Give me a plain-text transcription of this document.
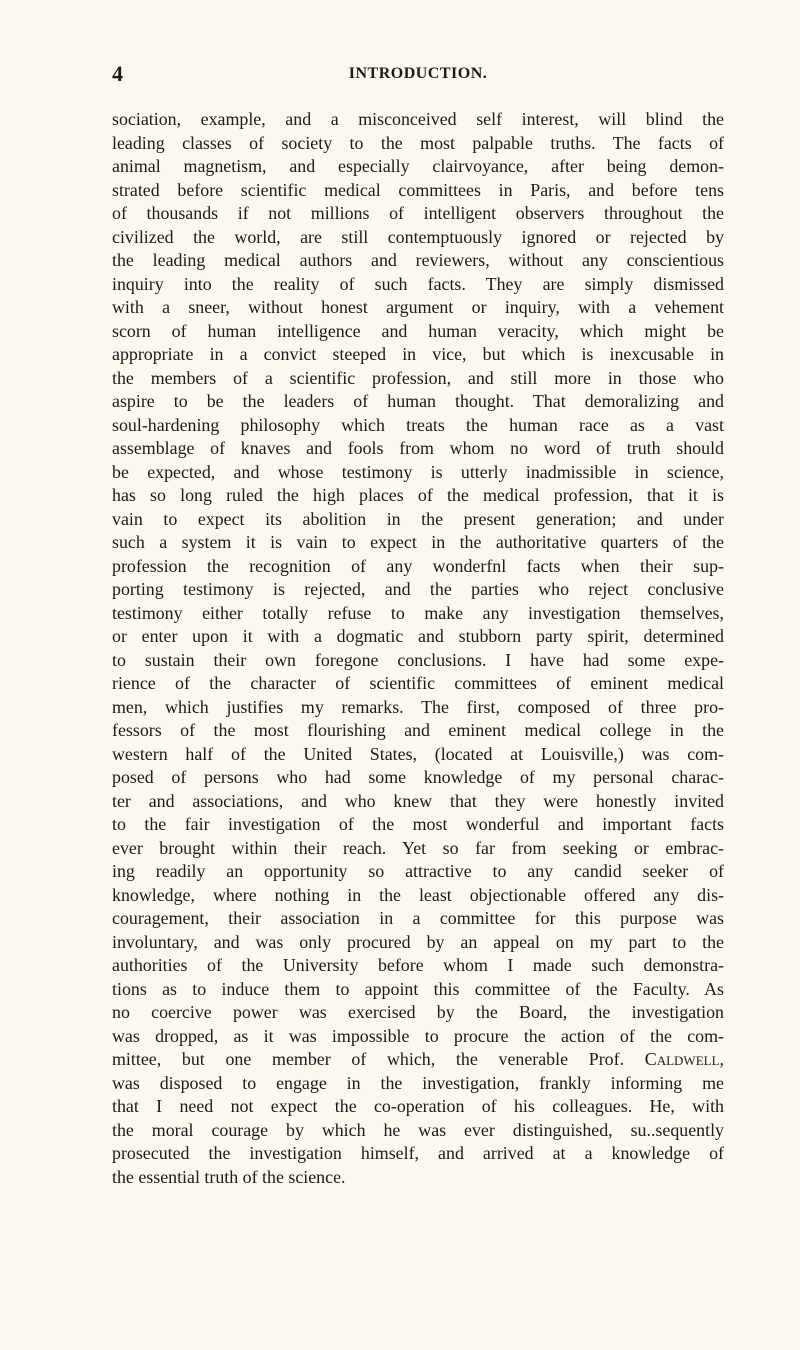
4	INTRODUCTION.
sociation, example, and a misconceived self interest, will blind the
leading classes of society to the most palpable truths. The facts of
animal magnetism, and especially clairvoyance, after being demon-
strated before scientific medical committees in Paris, and before tens
of thousands if not millions of intelligent observers throughout the
civilized the world, are still contemptuously ignored or rejected by
the leading medical authors and reviewers, without any conscientious
inquiry into the reality of such facts. They are simply dismissed
with a sneer, without honest argument or inquiry, with a vehement
scorn of human intelligence and human veracity, which might be
appropriate in a convict steeped in vice, but which is inexcusable in
the members of a scientific profession, and still more in those who
aspire to be the leaders of human thought. That demoralizing and
soul-hardening philosophy which treats the human race as a vast
assemblage of knaves and fools from whom no word of truth should
be expected, and whose testimony is utterly inadmissible in science,
has so long ruled the high places of the medical profession, that it is
vain to expect its abolition in the present generation; and under
such a system it is vain to expect in the authoritative quarters of the
profession the recognition of any wonderfnl facts when their sup-
porting testimony is rejected, and the parties who reject conclusive
testimony either totally refuse to make any investigation themselves,
or enter upon it with a dogmatic and stubborn party spirit, determined
to sustain their own foregone conclusions. I have had some expe-
rience of the character of scientific committees of eminent medical
men, which justifies my remarks. The first, composed of three pro-
fessors of the most flourishing and eminent medical college in the
western half of the United States, (located at Louisville,) was com-
posed of persons who had some knowledge of my personal charac-
ter and associations, and who knew that they were honestly invited
to the fair investigation of the most wonderful and important facts
ever brought within their reach. Yet so far from seeking or embrac-
ing readily an opportunity so attractive to any candid seeker of
knowledge, where nothing in the least objectionable offered any dis-
couragement, their association in a committee for this purpose was
involuntary, and was only procured by an appeal on my part to the
authorities of the University before whom I made such demonstra-
tions as to induce them to appoint this committee of the Faculty. As
no coercive power was exercised by the Board, the investigation
was dropped, as it was impossible to procure the action of the com-
mittee, but one member of which, the venerable Prof. Caldwell,
was disposed to engage in the investigation, frankly informing me
that I need not expect the co-operation of his colleagues. He, with
the moral courage by which he was ever distinguished, su..sequently
prosecuted the investigation himself, and arrived at a knowledge of
the essential truth of the science.
